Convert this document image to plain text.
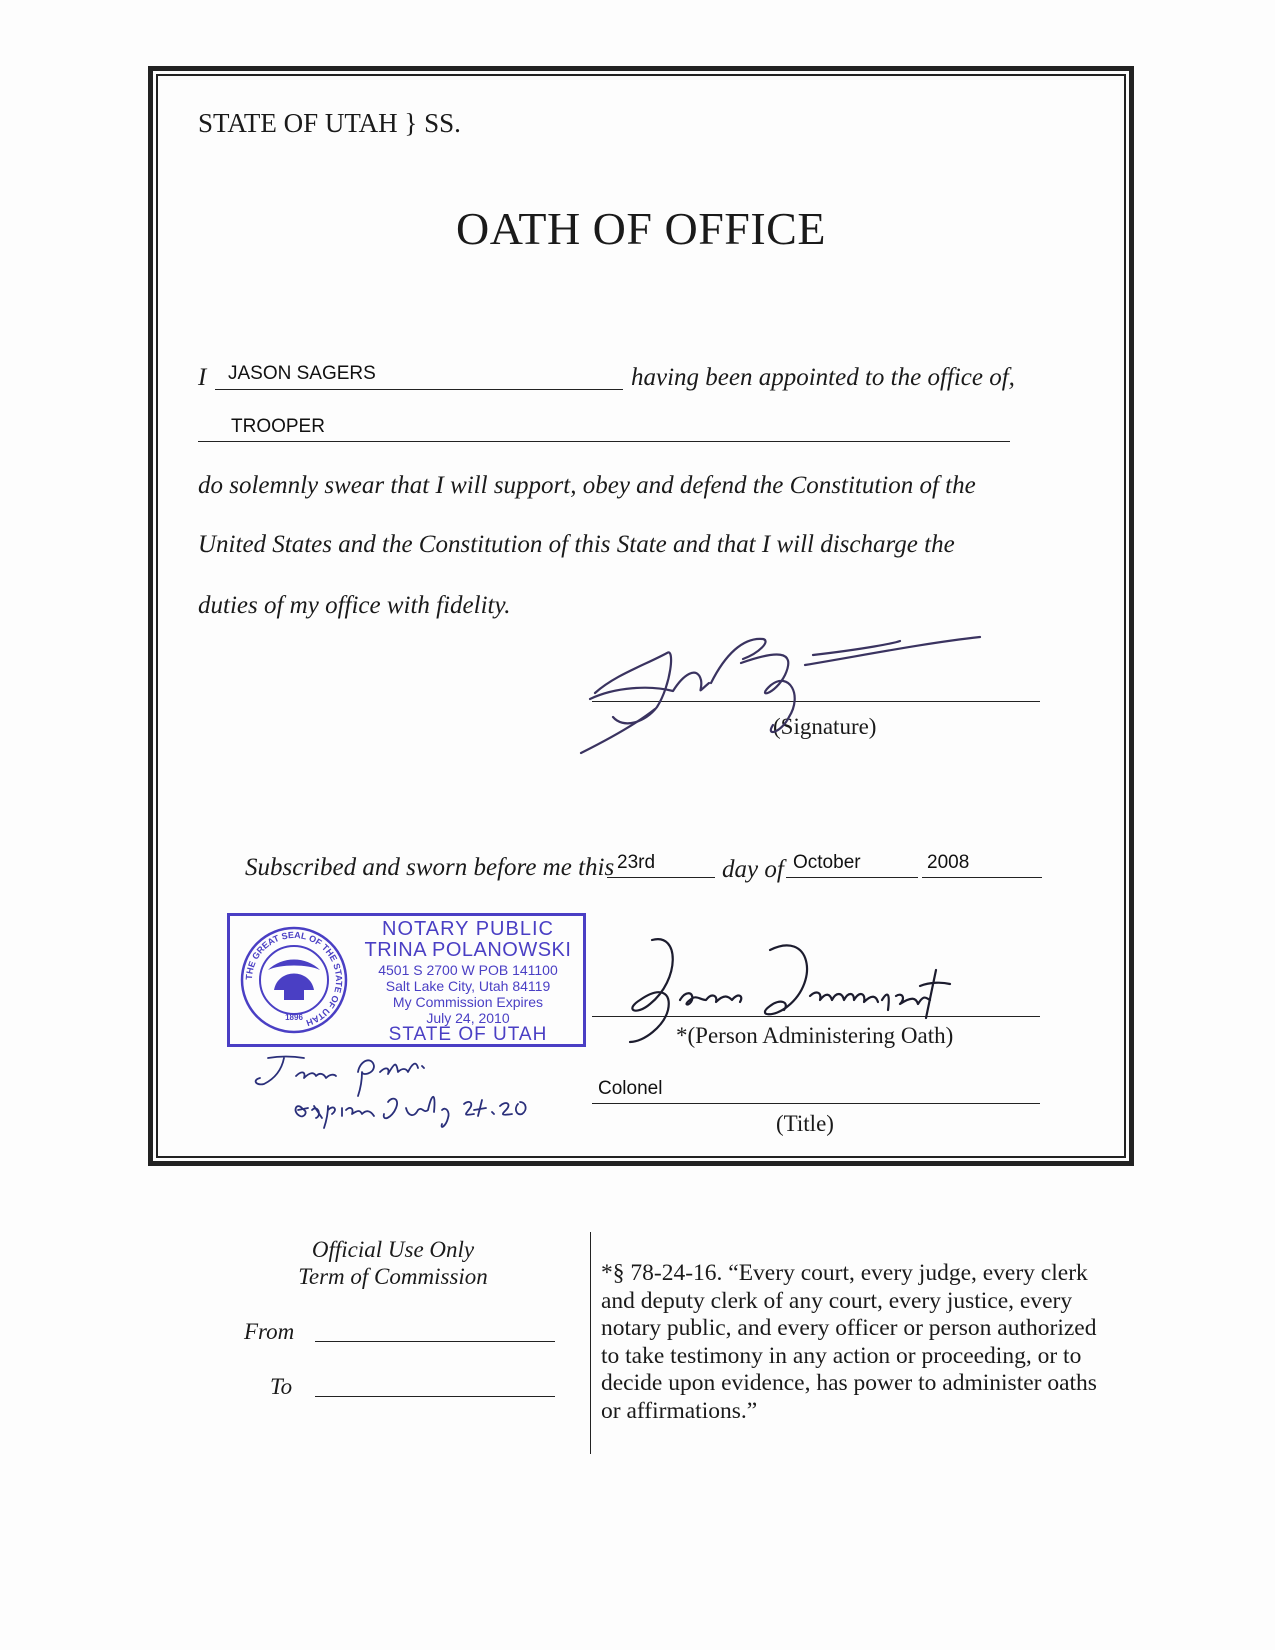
STATE OF UTAH } SS.
OATH OF OFFICE
I JASON SAGERS	having been appointed to the office of,
TROOPER
do solemnly swear that I will support, obey and defend the Constitution of the
United States and the Constitution of this State and that I will discharge the
duties of my office with fidelity.
(Signature)
Subscribed and sworn before me this 23rd	day of October	2008
THE GREAT SEAL OF THE STATE OF UTAH
1896
NOTARY PUBLIC
TRINA POLANOWSKI
4501 S 2700 W POB 141100
Salt Lake City, Utah 84119
My Commission Expires
July 24, 2010
STATE OF UTAH	*(Person Administering Oath)
Colonel
(Title)
Official Use Only
Term of Commission
From
To
*§ 78-24-16. “Every court, every judge, every clerk and deputy clerk of any court, every justice, every notary public, and every officer or person authorized to take testimony in any action or proceeding, or to decide upon evidence, has power to administer oaths or affirmations.”
